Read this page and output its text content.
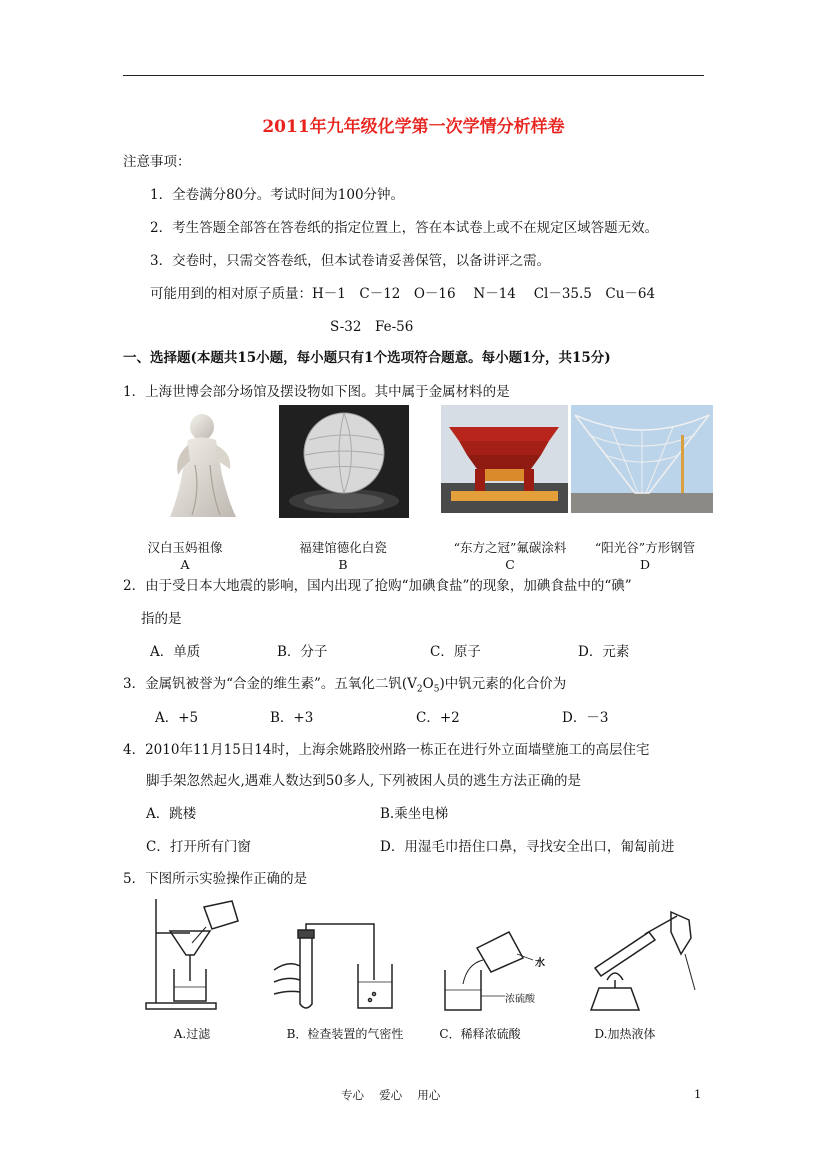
2011年九年级化学第一次学情分析样卷
注意事项：
1．全卷满分80分。考试时间为100分钟。
2．考生答题全部答在答卷纸的指定位置上，答在本试卷上或不在规定区域答题无效。
3．交卷时，只需交答卷纸，但本试卷请妥善保管，以备讲评之需。
可能用到的相对原子质量：H－1　C－12　O－16　 N－14　 Cl－35.5　Cu－64
S-32　Fe-56
一、选择题(本题共15小题，每小题只有1个选项符合题意。每小题1分，共15分)
1．上海世博会部分场馆及摆设物如下图。其中属于金属材料的是
汉白玉妈祖像
A
福建馆德化白瓷
B
“东方之冠”氟碳涂料
C
“阳光谷”方形钢管
D
2．由于受日本大地震的影响，国内出现了抢购“加碘食盐”的现象，加碘食盐中的“碘”
指的是
A．单质	B．分子	C．原子	D．元素
3．金属钒被誉为“合金的维生素”。五氧化二钒$(V_2O_5)$中钒元素的化合价为
A．+5	B．+3	C．+2	D．－3
4．2010年11月15日14时，上海余姚路胶州路一栋正在进行外立面墙壁施工的高层住宅
脚手架忽然起火,遇难人数达到50多人, 下列被困人员的逃生方法正确的是
A．跳楼	B.乘坐电梯
C．打开所有门窗	D．用湿毛巾捂住口鼻，寻找安全出口，匍匐前进
5．下图所示实验操作正确的是
水
浓硫酸
A.过滤	B．检查装置的气密性	C．稀释浓硫酸	D.加热液体
专心　 爱心　 用心	1
